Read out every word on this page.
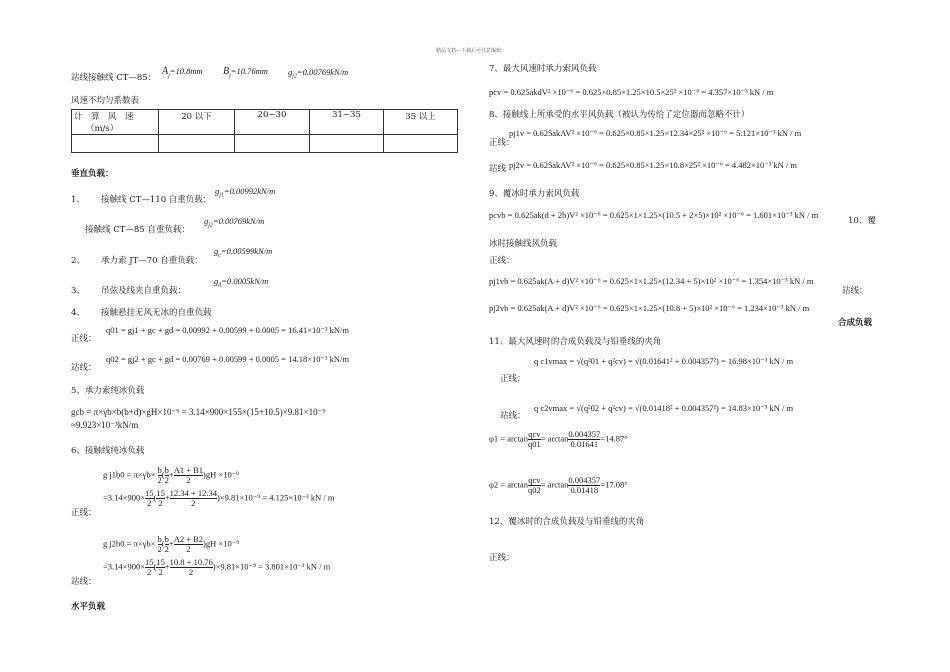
精品文档---下载后可任意编辑
站线接触线 CT—85：
$A_j=10.8mm$ $B_j=10.76mm$ $g_{j2}=0.00769kN/m$
风速不均匀系数表
计　算　风　速
（m/s）	20 以下	20~30	31~35	35 以上

垂直负载：
$g_{j1}=0.00992kN/m$
1、 接触线 CT—110 自重负载：
$g_{j2}=0.00769kN/m$
接触线 CT—85 自重负载：
$g_c=0.00599kN/m$
2、 承力索 JT—70 自重负载：
$g_d=0.0005kN/m$
3、 吊弦及线夹自重负载：
4、 接触悬挂无风无冰的自重负载
q01 = gj1 + gc + gd = 0.00992 + 0.00599 + 0.0005 = 16.41×10⁻³ kN/m
正线：
q02 = gj2 + gc + gd = 0.00769 + 0.00599 + 0.0005 = 14.18×10⁻³ kN/m
站线：
5、承力索纯冰负载
gcb = π×γb×b(b+d)×gH×10⁻⁹ = 3.14×900×155×(15+10.5)×9.81×10⁻⁹
≈9.923×10⁻³kN/m
6、接触线纯冰负载
g $j1b0 = \pi\times\gamma b\times \frac{b}{2}$ ( $\frac{b}{2} + \frac{A1 + B1}{2} )gH \times 10^{-9}$
$=3.14\times 900\times \frac{15}{2}$ ( $\frac{15}{2} + \frac{12.34 + 12.34}{2} )\times 9.81\times 10^{-9} = 4.125\times 10^{-3}$ kN / m
正线：
g $j2b0 = \pi\times\gamma b\times \frac{b}{2}$ ( $\frac{b}{2} + \frac{A2 + B2}{2} )gH \times 10^{-9}$
$=3.14\times 900\times \frac{15}{2}$ ( $\frac{15}{2} + \frac{10.8 + 10.76}{2} )\times 9.81\times 10^{-9} = 3.801\times 10^{-3}$ kN / m
站线：
水平负载
7、最大风速时承力索风负载
pcv = 0.625akdV² ×10⁻⁶ = 0.625×0.85×1.25×10.5×25² ×10⁻⁶ = 4.357×10⁻³ kN / m
8、接触线上所承受的水平风负载（被认为传给了定位器而忽略不计）
pj1v = 0.625akAV² ×10⁻⁶ = 0.625×0.85×1.25×12.34×25² ×10⁻⁶ = 5.121×10⁻³ kN / m
正线：
站线 pj2v = 0.625akAV² ×10⁻⁶ = 0.625×0.85×1.25×10.8×25² ×10⁻⁶ = 4.482×10⁻³ kN / m
9、覆冰时承力索风负载
pcvb = 0.625ak(d + 2b)V² ×10⁻⁶ = 0.625×1×1.25×(10.5 + 2×5)×10² ×10⁻⁶ = 1.601×10⁻³ kN / m
10、覆
冰时接触线风负载
正线：
pj1vb = 0.625ak(A + d)V² ×10⁻⁶ = 0.625×1×1.25×(12.34 + 5)×10² ×10⁻⁶ = 1.354×10⁻³ kN / m
站线：
pj2vb = 0.625ak(A + d)V² ×10⁻⁶ = 0.625×1×1.25×(10.8 + 5)×10² ×10⁻⁶ = 1.234×10⁻³ kN / m
合成负载
11、最大风速时的合成负载及与铅垂线的夹角
q c1vmax = √(q²01 + q²cv) = √(0.01641² + 0.004357²) = 16.98×10⁻³ kN / m
正线：
q c2vmax = √(q²02 + q²cv) = √(0.01418² + 0.004357²) = 14.83×10⁻³ kN / m
站线：
$\varphi 1 = \arctan \frac{\text{qcv}}{q01} = \arctan \frac{0.004357}{0.01641} =14.87^\circ$
$\varphi 2 = \arctan \frac{\text{qcv}}{q02} = \arctan \frac{0.004357}{0.01418} =17.08^\circ$
12、覆冰时的合成负载及与铅垂线的夹角
正线：
